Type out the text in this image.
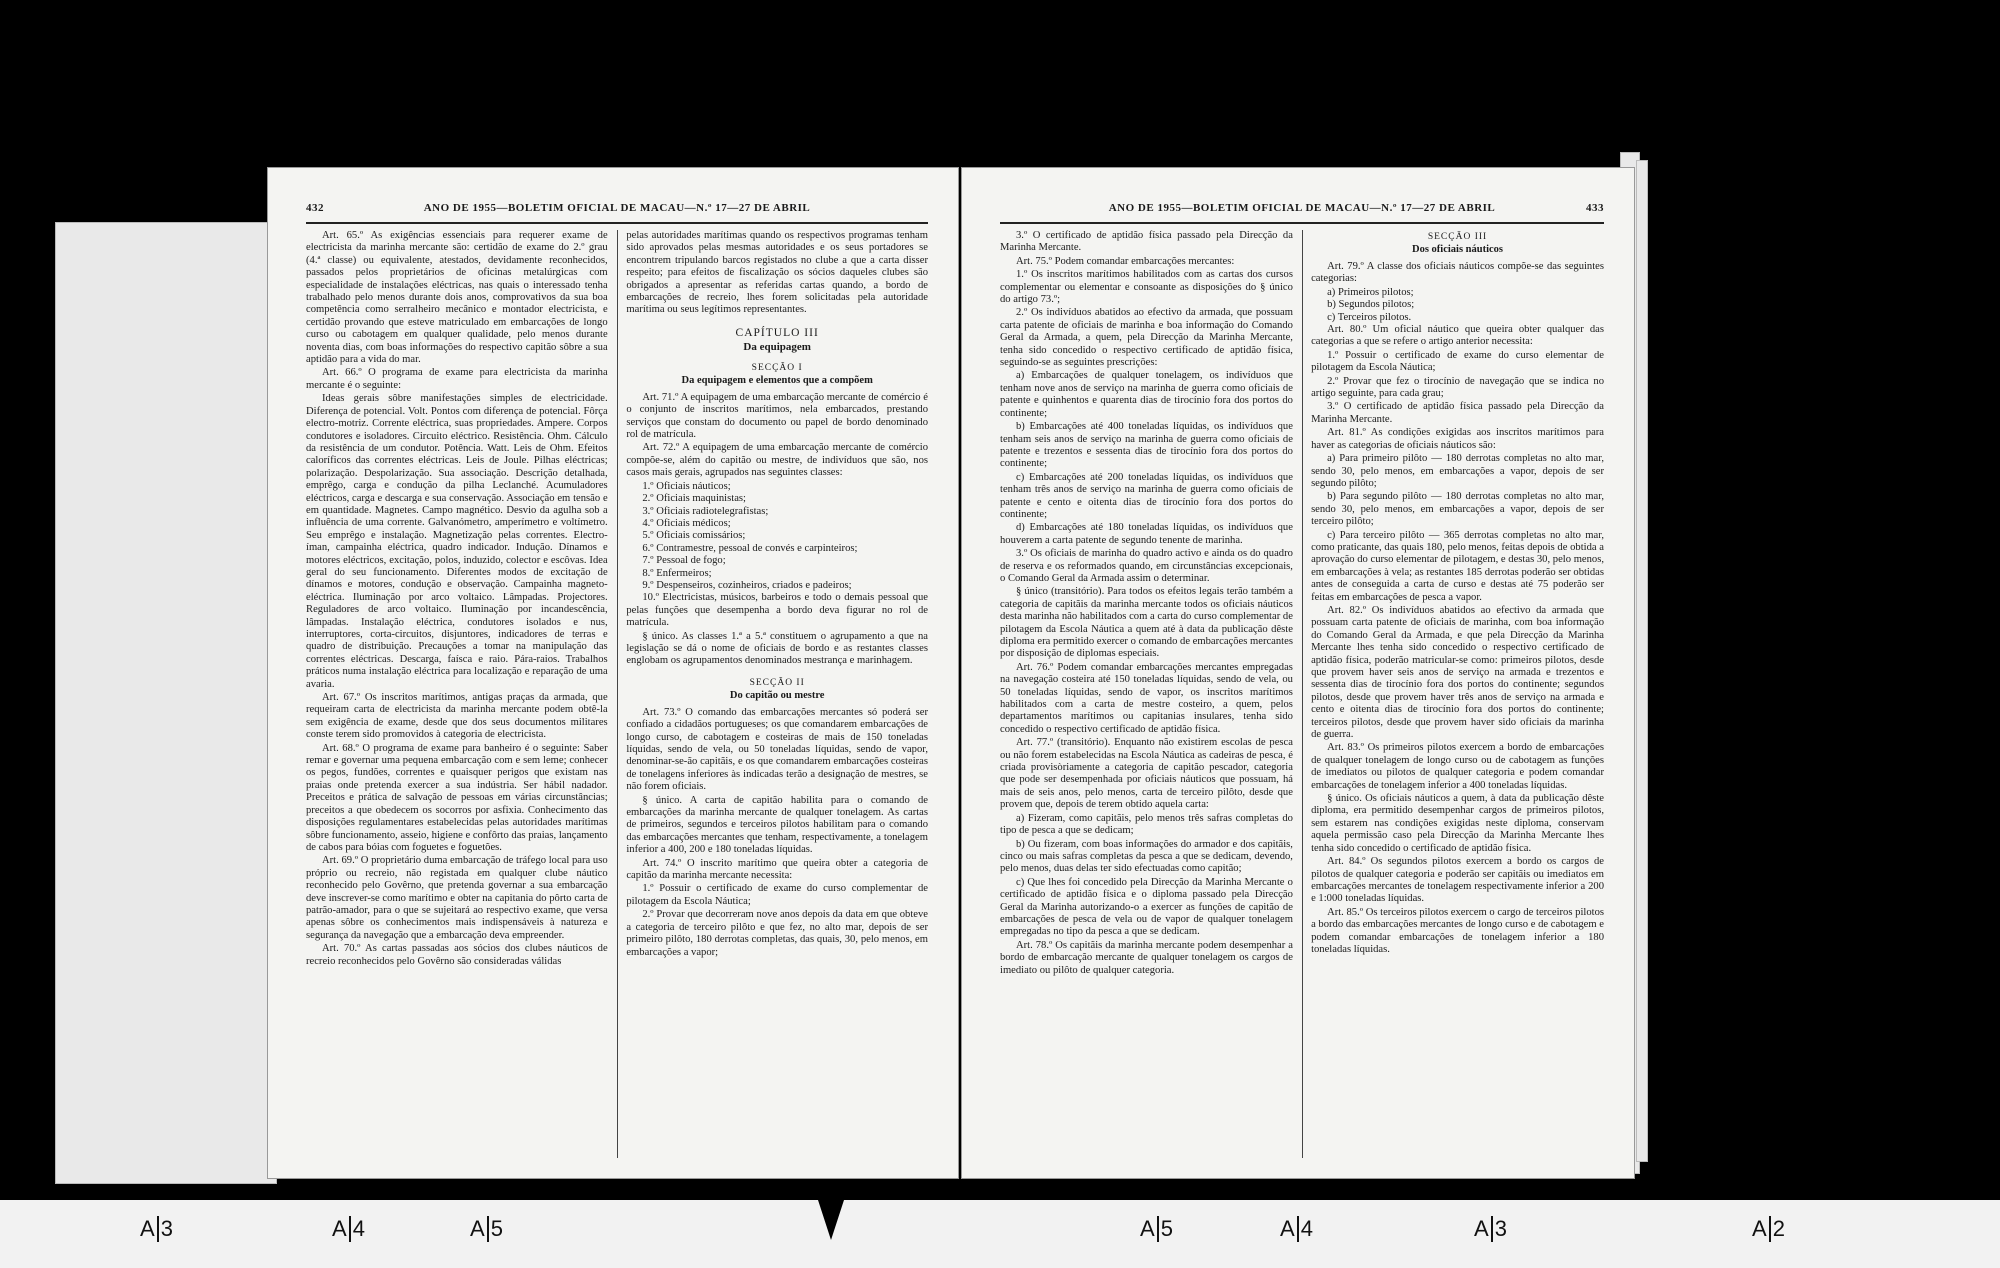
432	ANO DE 1955—BOLETIM OFICIAL DE MACAU—N.º 17—27 DE ABRIL

Art. 65.º As exigências essenciais para requerer exame de electricista da marinha mercante são: certidão de exame do 2.º grau (4.ª classe) ou equivalente, atestados, devidamente reconhecidos, passados pelos proprietários de oficinas metalúrgicas com especialidade de instalações eléctricas, nas quais o interessado tenha trabalhado pelo menos durante dois anos, comprovativos da sua boa competência como serralheiro mecânico e montador electricista, e certidão provando que esteve matriculado em embarcações de longo curso ou cabotagem em qualquer qualidade, pelo menos durante noventa dias, com boas informações do respectivo capitão sôbre a sua aptidão para a vida do mar.

Art. 66.º O programa de exame para electricista da marinha mercante é o seguinte:

Ideas gerais sôbre manifestações simples de electricidade. Diferença de potencial. Volt. Pontos com diferença de potencial. Fôrça electro-motriz. Corrente eléctrica, suas propriedades. Ampere. Corpos condutores e isoladores. Circuito eléctrico. Resistência. Ohm. Cálculo da resistência de um condutor. Potência. Watt. Leis de Ohm. Efeitos caloríficos das correntes eléctricas. Leis de Joule. Pilhas eléctricas; polarização. Despolarização. Sua associação. Descrição detalhada, emprêgo, carga e condução da pilha Leclanché. Acumuladores eléctricos, carga e descarga e sua conservação. Associação em tensão e em quantidade. Magnetes. Campo magnético. Desvio da agulha sob a influência de uma corrente. Galvanómetro, amperímetro e voltímetro. Seu emprêgo e instalação. Magnetização pelas correntes. Electro-íman, campainha eléctrica, quadro indicador. Indução. Dínamos e motores eléctricos, excitação, polos, induzido, colector e escôvas. Idea geral do seu funcionamento. Diferentes modos de excitação de dínamos e motores, condução e observação. Campainha magneto-eléctrica. Iluminação por arco voltaico. Lâmpadas. Projectores. Reguladores de arco voltaico. Iluminação por incandescência, lâmpadas. Instalação eléctrica, condutores isolados e nus, interruptores, corta-circuitos, disjuntores, indicadores de terras e quadro de distribuição. Precauções a tomar na manipulação das correntes eléctricas. Descarga, faísca e raio. Pára-raios. Trabalhos práticos numa instalação eléctrica para localização e reparação de uma avaria.

Art. 67.º Os inscritos marítimos, antigas praças da armada, que requeiram carta de electricista da marinha mercante podem obtê-la sem exigência de exame, desde que dos seus documentos militares conste terem sido promovidos à categoria de electricista.

Art. 68.º O programa de exame para banheiro é o seguinte: Saber remar e governar uma pequena embarcação com e sem leme; conhecer os pegos, fundões, correntes e quaisquer perigos que existam nas praias onde pretenda exercer a sua indústria. Ser hábil nadador. Preceitos e prática de salvação de pessoas em várias circunstâncias; preceitos a que obedecem os socorros por asfixia. Conhecimento das disposições regulamentares estabelecidas pelas autoridades marítimas sôbre funcionamento, asseio, higiene e confôrto das praias, lançamento de cabos para bóias com foguetes e foguetões.

Art. 69.º O proprietário duma embarcação de tráfego local para uso próprio ou recreio, não registada em qualquer clube náutico reconhecido pelo Govêrno, que pretenda governar a sua embarcação deve inscrever-se como marítimo e obter na capitania do pôrto carta de patrão-amador, para o que se sujeitará ao respectivo exame, que versa apenas sôbre os conhecimentos mais indispensáveis à natureza e segurança da navegação que a embarcação deva empreender.

Art. 70.º As cartas passadas aos sócios dos clubes náuticos de recreio reconhecidos pelo Govêrno são consideradas válidas

pelas autoridades marítimas quando os respectivos programas tenham sido aprovados pelas mesmas autoridades e os seus portadores se encontrem tripulando barcos registados no clube a que a carta disser respeito; para efeitos de fiscalização os sócios daqueles clubes são obrigados a apresentar as referidas cartas quando, a bordo de embarcações de recreio, lhes forem solicitadas pela autoridade marítima ou seus legítimos representantes.

CAPÍTULO III
Da equipagem
SECÇÃO I
Da equipagem e elementos que a compõem

Art. 71.º A equipagem de uma embarcação mercante de comércio é o conjunto de inscritos marítimos, nela embarcados, prestando serviços que constam do documento ou papel de bordo denominado rol de matrícula.

Art. 72.º A equipagem de uma embarcação mercante de comércio compõe-se, além do capitão ou mestre, de indivíduos que são, nos casos mais gerais, agrupados nas seguintes classes:

1.º Oficiais náuticos;

2.º Oficiais maquinistas;

3.º Oficiais radiotelegrafistas;

4.º Oficiais médicos;

5.º Oficiais comissários;

6.º Contramestre, pessoal de convés e carpinteiros;

7.º Pessoal de fogo;

8.º Enfermeiros;

9.º Despenseiros, cozinheiros, criados e padeiros;

10.º Electricistas, músicos, barbeiros e todo o demais pessoal que pelas funções que desempenha a bordo deva figurar no rol de matrícula.

§ único. As classes 1.ª a 5.ª constituem o agrupamento a que na legislação se dá o nome de oficiais de bordo e as restantes classes englobam os agrupamentos denominados mestrança e marinhagem.

SECÇÃO II
Do capitão ou mestre

Art. 73.º O comando das embarcações mercantes só poderá ser confiado a cidadãos portugueses; os que comandarem embarcações de longo curso, de cabotagem e costeiras de mais de 150 toneladas líquidas, sendo de vela, ou 50 toneladas líquidas, sendo de vapor, denominar-se-ão capitãis, e os que comandarem embarcações costeiras de tonelagens inferiores às indicadas terão a designação de mestres, se não forem oficiais.

§ único. A carta de capitão habilita para o comando de embarcações da marinha mercante de qualquer tonelagem. As cartas de primeiros, segundos e terceiros pilotos habilitam para o comando das embarcações mercantes que tenham, respectivamente, a tonelagem inferior a 400, 200 e 180 toneladas líquidas.

Art. 74.º O inscrito marítimo que queira obter a categoria de capitão da marinha mercante necessita:

1.º Possuir o certificado de exame do curso complementar de pilotagem da Escola Náutica;

2.º Provar que decorreram nove anos depois da data em que obteve a categoria de terceiro pilôto e que fez, no alto mar, depois de ser primeiro pilôto, 180 derrotas completas, das quais, 30, pelo menos, em embarcações a vapor;

ANO DE 1955—BOLETIM OFICIAL DE MACAU—N.º 17—27 DE ABRIL	433

3.º O certificado de aptidão física passado pela Direcção da Marinha Mercante.

Art. 75.º Podem comandar embarcações mercantes:

1.º Os inscritos marítimos habilitados com as cartas dos cursos complementar ou elementar e consoante as disposições do § único do artigo 73.º;

2.º Os indivíduos abatidos ao efectivo da armada, que possuam carta patente de oficiais de marinha e boa informação do Comando Geral da Armada, a quem, pela Direcção da Marinha Mercante, tenha sido concedido o respectivo certificado de aptidão física, seguindo-se as seguintes prescrições:

a) Embarcações de qualquer tonelagem, os indivíduos que tenham nove anos de serviço na marinha de guerra como oficiais de patente e quinhentos e quarenta dias de tirocínio fora dos portos do continente;

b) Embarcações até 400 toneladas líquidas, os indivíduos que tenham seis anos de serviço na marinha de guerra como oficiais de patente e trezentos e sessenta dias de tirocínio fora dos portos do continente;

c) Embarcações até 200 toneladas líquidas, os indivíduos que tenham três anos de serviço na marinha de guerra como oficiais de patente e cento e oitenta dias de tirocínio fora dos portos do continente;

d) Embarcações até 180 toneladas líquidas, os indivíduos que houverem a carta patente de segundo tenente de marinha.

3.º Os oficiais de marinha do quadro activo e ainda os do quadro de reserva e os reformados quando, em circunstâncias excepcionais, o Comando Geral da Armada assim o determinar.

§ único (transitório). Para todos os efeitos legais terão também a categoria de capitãis da marinha mercante todos os oficiais náuticos desta marinha não habilitados com a carta do curso complementar de pilotagem da Escola Náutica a quem até à data da publicação dêste diploma era permitido exercer o comando de embarcações mercantes por disposição de diplomas especiais.

Art. 76.º Podem comandar embarcações mercantes empregadas na navegação costeira até 150 toneladas líquidas, sendo de vela, ou 50 toneladas líquidas, sendo de vapor, os inscritos marítimos habilitados com a carta de mestre costeiro, a quem, pelos departamentos marítimos ou capitanias insulares, tenha sido concedido o respectivo certificado de aptidão física.

Art. 77.º (transitório). Enquanto não existirem escolas de pesca ou não forem estabelecidas na Escola Náutica as cadeiras de pesca, é criada provisòriamente a categoria de capitão pescador, categoria que pode ser desempenhada por oficiais náuticos que possuam, há mais de seis anos, pelo menos, carta de terceiro pilôto, desde que provem que, depois de terem obtido aquela carta:

a) Fizeram, como capitãis, pelo menos três safras completas do tipo de pesca a que se dedicam;

b) Ou fizeram, com boas informações do armador e dos capitãis, cinco ou mais safras completas da pesca a que se dedicam, devendo, pelo menos, duas delas ter sido efectuadas como capitão;

c) Que lhes foi concedido pela Direcção da Marinha Mercante o certificado de aptidão física e o diploma passado pela Direcção Geral da Marinha autorizando-o a exercer as funções de capitão de embarcações de pesca de vela ou de vapor de qualquer tonelagem empregadas no tipo da pesca a que se dedicam.

Art. 78.º Os capitãis da marinha mercante podem desempenhar a bordo de embarcação mercante de qualquer tonelagem os cargos de imediato ou pilôto de qualquer categoria.

SECÇÃO III
Dos oficiais náuticos

Art. 79.º A classe dos oficiais náuticos compõe-se das seguintes categorias:

a) Primeiros pilotos;

b) Segundos pilotos;

c) Terceiros pilotos.

Art. 80.º Um oficial náutico que queira obter qualquer das categorias a que se refere o artigo anterior necessita:

1.º Possuir o certificado de exame do curso elementar de pilotagem da Escola Náutica;

2.º Provar que fez o tirocínio de navegação que se indica no artigo seguinte, para cada grau;

3.º O certificado de aptidão física passado pela Direcção da Marinha Mercante.

Art. 81.º As condições exigidas aos inscritos marítimos para haver as categorias de oficiais náuticos são:

a) Para primeiro pilôto — 180 derrotas completas no alto mar, sendo 30, pelo menos, em embarcações a vapor, depois de ser segundo pilôto;

b) Para segundo pilôto — 180 derrotas completas no alto mar, sendo 30, pelo menos, em embarcações a vapor, depois de ser terceiro pilôto;

c) Para terceiro pilôto — 365 derrotas completas no alto mar, como praticante, das quais 180, pelo menos, feitas depois de obtida a aprovação do curso elementar de pilotagem, e destas 30, pelo menos, em embarcações à vela; as restantes 185 derrotas poderão ser obtidas antes de conseguida a carta de curso e destas até 75 poderão ser feitas em embarcações de pesca a vapor.

Art. 82.º Os indivíduos abatidos ao efectivo da armada que possuam carta patente de oficiais de marinha, com boa informação do Comando Geral da Armada, e que pela Direcção da Marinha Mercante lhes tenha sido concedido o respectivo certificado de aptidão física, poderão matricular-se como: primeiros pilotos, desde que provem haver seis anos de serviço na armada e trezentos e sessenta dias de tirocínio fora dos portos do continente; segundos pilotos, desde que provem haver três anos de serviço na armada e cento e oitenta dias de tirocínio fora dos portos do continente; terceiros pilotos, desde que provem haver sido oficiais da marinha de guerra.

Art. 83.º Os primeiros pilotos exercem a bordo de embarcações de qualquer tonelagem de longo curso ou de cabotagem as funções de imediatos ou pilotos de qualquer categoria e podem comandar embarcações de tonelagem inferior a 400 toneladas líquidas.

§ único. Os oficiais náuticos a quem, à data da publicação dêste diploma, era permitido desempenhar cargos de primeiros pilotos, sem estarem nas condições exigidas neste diploma, conservam aquela permissão caso pela Direcção da Marinha Mercante lhes tenha sido concedido o certificado de aptidão física.

Art. 84.º Os segundos pilotos exercem a bordo os cargos de pilotos de qualquer categoria e poderão ser capitãis ou imediatos em embarcações mercantes de tonelagem respectivamente inferior a 200 e 1:000 toneladas líquidas.

Art. 85.º Os terceiros pilotos exercem o cargo de terceiros pilotos a bordo das embarcações mercantes de longo curso e de cabotagem e podem comandar embarcações de tonelagem inferior a 180 toneladas líquidas.

A 3	A 4	A 5	A 5	A 4	A 3	A 2
